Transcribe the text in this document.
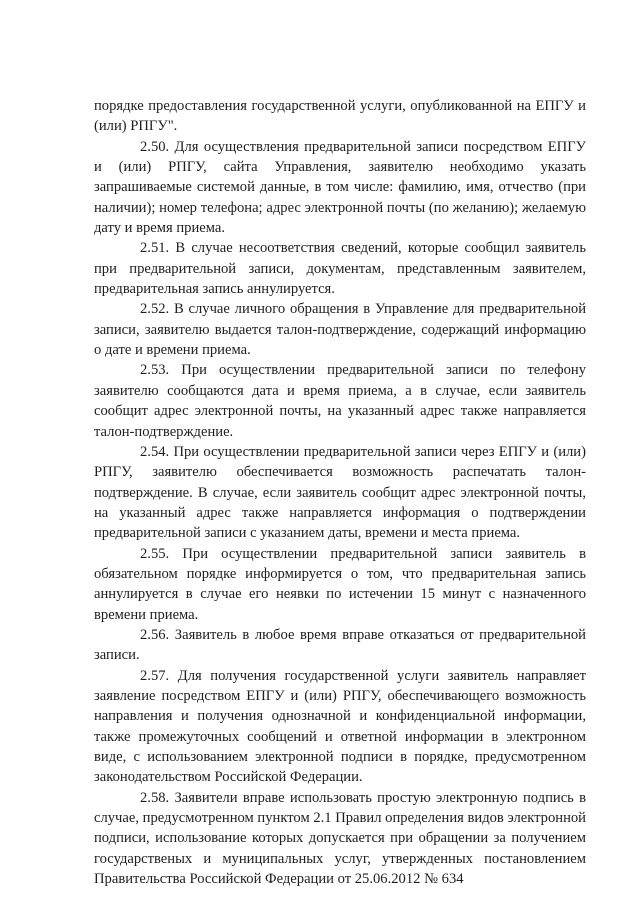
порядке предоставления государственной услуги, опубликованной на ЕПГУ и (или) РПГУ".

2.50. Для осуществления предварительной записи посредством ЕПГУ и (или) РПГУ, сайта Управления, заявителю необходимо указать запрашиваемые системой данные, в том числе: фамилию, имя, отчество (при наличии); номер телефона; адрес электронной почты (по желанию); желаемую дату и время приема.

2.51. В случае несоответствия сведений, которые сообщил заявитель при предварительной записи, документам, представленным заявителем, предварительная запись аннулируется.

2.52. В случае личного обращения в Управление для предварительной записи, заявителю выдается талон-подтверждение, содержащий информацию о дате и времени приема.

2.53. При осуществлении предварительной записи по телефону заявителю сообщаются дата и время приема, а в случае, если заявитель сообщит адрес электронной почты, на указанный адрес также направляется талон-подтверждение.

2.54. При осуществлении предварительной записи через ЕПГУ и (или) РПГУ, заявителю обеспечивается возможность распечатать талон-подтверждение. В случае, если заявитель сообщит адрес электронной почты, на указанный адрес также направляется информация о подтверждении предварительной записи с указанием даты, времени и места приема.

2.55. При осуществлении предварительной записи заявитель в обязательном порядке информируется о том, что предварительная запись аннулируется в случае его неявки по истечении 15 минут с назначенного времени приема.

2.56. Заявитель в любое время вправе отказаться от предварительной записи.

2.57. Для получения государственной услуги заявитель направляет заявление посредством ЕПГУ и (или) РПГУ, обеспечивающего возможность направления и получения однозначной и конфиденциальной информации, также промежуточных сообщений и ответной информации в электронном виде, с использованием электронной подписи в порядке, предусмотренном законодательством Российской Федерации.

2.58. Заявители вправе использовать простую электронную подпись в случае, предусмотренном пунктом 2.1 Правил определения видов электронной подписи, использование которых допускается при обращении за получением государственых и муниципальных услуг, утвержденных постановлением Правительства Российской Федерации от 25.06.2012 № 634
